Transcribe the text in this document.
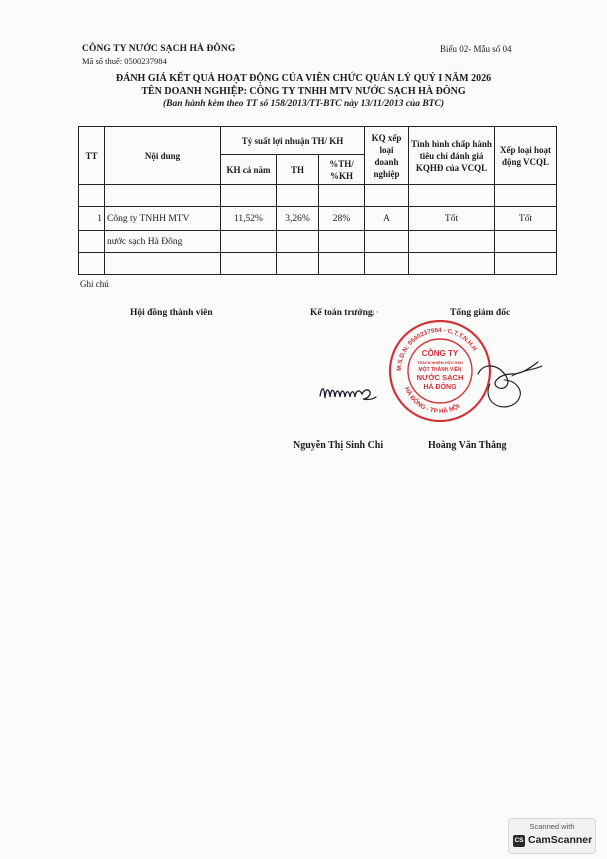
CÔNG TY NƯỚC SẠCH HÀ ĐÔNG
Mã số thuế: 0500237984
Biểu 02- Mẫu số 04
ĐÁNH GIÁ KẾT QUẢ HOẠT ĐỘNG CỦA VIÊN CHỨC QUẢN LÝ QUÝ I NĂM 2026
TÊN DOANH NGHIỆP: CÔNG TY TNHH MTV NƯỚC SẠCH HÀ ĐÔNG
(Ban hành kèm theo TT số 158/2013/TT-BTC này 13/11/2013 của BTC)
TT	Nội dung	Tỷ suất lợi nhuận TH/ KH			KQ xếp loại doanh nghiệp	Tình hình chấp hành tiêu chí đánh giá KQHĐ của VCQL	Xếp loại hoạt động VCQL
		KH cả năm	TH	%TH/ %KH			

1	Công ty TNHH MTV	11,52%	3,26%	28%	A	Tốt	Tốt
	nước sạch Hà Đông						

Ghi chú
Hội đồng thành viên	Kế toán trưởng
↓·	Tổng giám đốc
M.S.D.N: 0500237984 - C.T.T.N.H.H
HÀ ĐÔNG - TP HÀ NỘI
CÔNG TY
TRÁCH NHIỆM HỮU HẠN
MỘT THÀNH VIÊN
NƯỚC SẠCH
HÀ ĐÔNG
Nguyễn Thị Sinh Chi	Hoàng Văn Thắng
Scanned with
CS CamScanner
